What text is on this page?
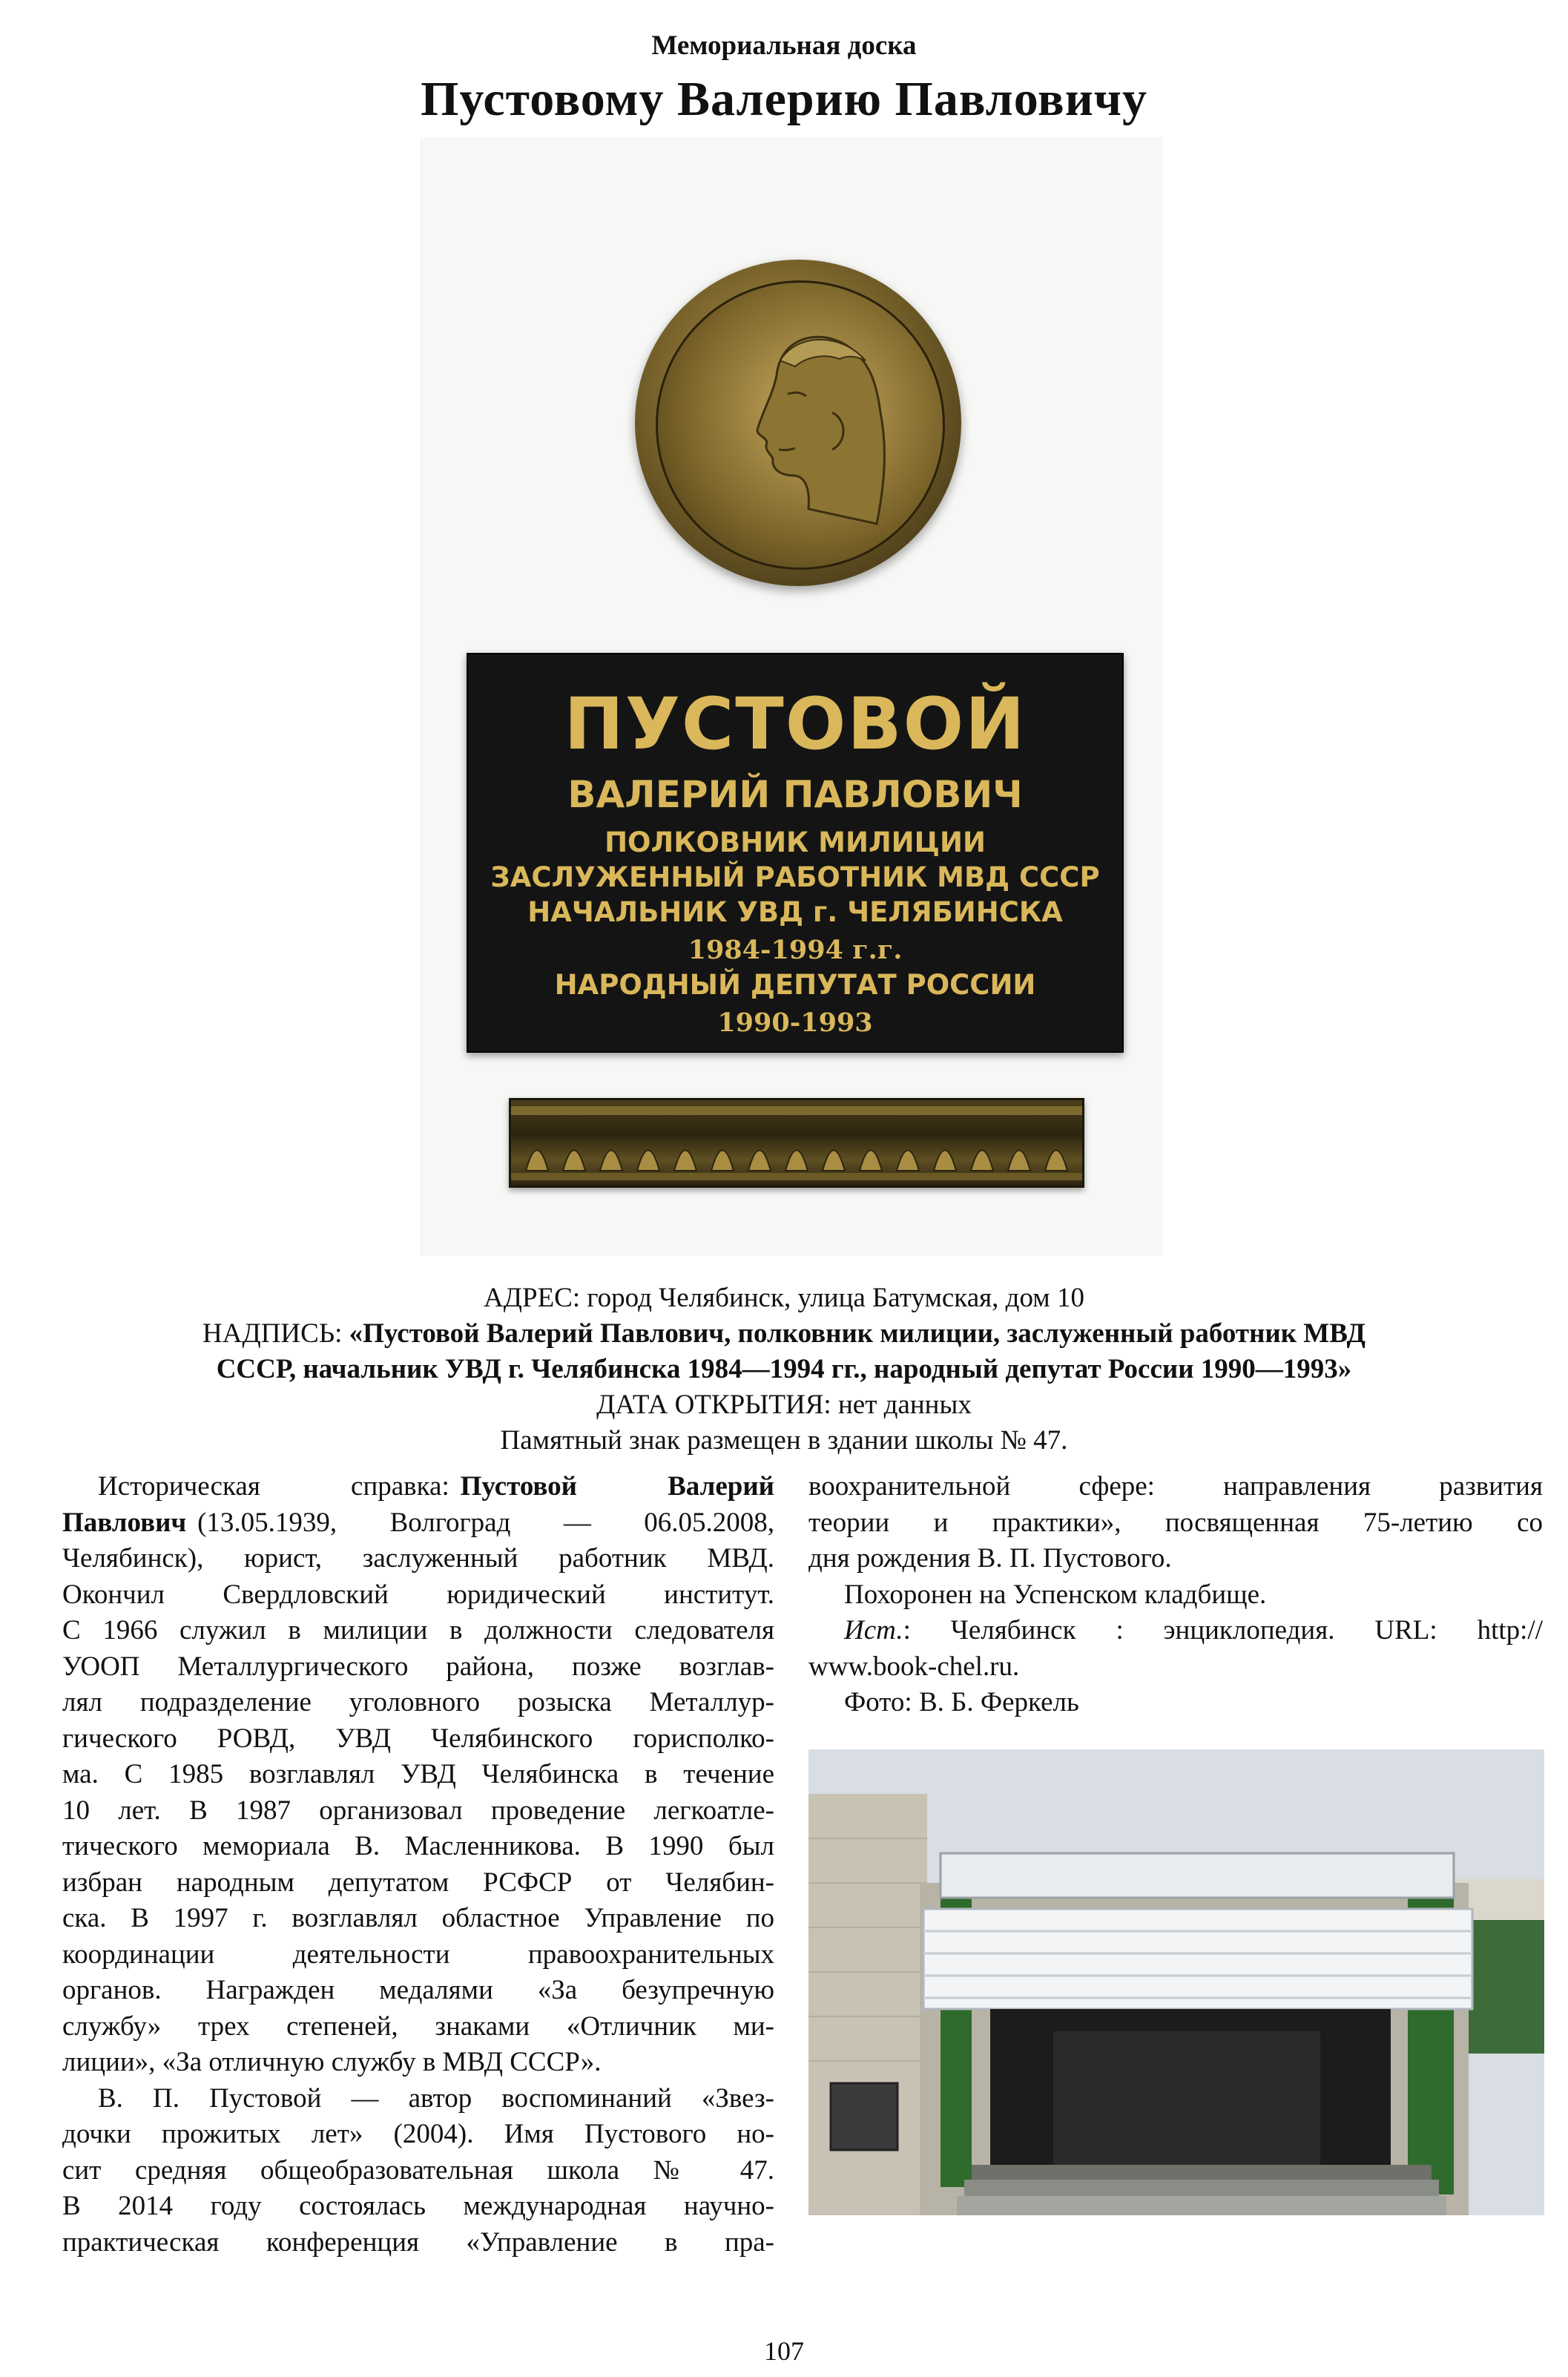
Мемориальная доска
Пустовому Валерию Павловичу
ПУСТОВОЙ
ВАЛЕРИЙ ПАВЛОВИЧ
ПОЛКОВНИК МИЛИЦИИ
ЗАСЛУЖЕННЫЙ РАБОТНИК МВД СССР
НАЧАЛЬНИК УВД г. ЧЕЛЯБИНСКА
1984-1994 г.г.
НАРОДНЫЙ ДЕПУТАТ РОССИИ
1990-1993
АДРЕС: город Челябинск, улица Батумская, дом 10
НАДПИСЬ: «Пустовой Валерий Павлович, полковник милиции, заслуженный работник МВД
СССР, начальник УВД г. Челябинска 1984—1994 гг., народный депутат России 1990—1993»
ДАТА ОТКРЫТИЯ: нет данных
Памятный знак размещен в здании школы № 47.
Историческая справка: Пустовой Валерий
Павлович (13.05.1939, Волгоград — 06.05.2008,
Челябинск), юрист, заслуженный работник МВД.
Окончил Свердловский юридический институт.
С 1966 служил в милиции в должности следователя
УООП Металлургического района, позже возглав-
лял подразделение уголовного розыска Металлур-
гического РОВД, УВД Челябинского горисполко-
ма. С 1985 возглавлял УВД Челябинска в течение
10 лет. В 1987 организовал проведение легкоатле-
тического мемориала В. Масленникова. В 1990 был
избран народным депутатом РСФСР от Челябин-
ска. В 1997 г. возглавлял областное Управление по
координации деятельности правоохранительных
органов. Награжден медалями «За безупречную
службу» трех степеней, знаками «Отличник ми-
лиции», «За отличную службу в МВД СССР».
В. П. Пустовой — автор воспоминаний «Звез-
дочки прожитых лет» (2004). Имя Пустового но-
сит средняя общеобразовательная школа № 47.
В 2014 году состоялась международная научно-
практическая конференция «Управление в пра-
воохранительной сфере: направления развития
теории и практики», посвященная 75-летию со
дня рождения В. П. Пустового.
Похоронен на Успенском кладбище.
Ист.: Челябинск : энциклопедия. URL: http://
www.book-chel.ru.
Фото: В. Б. Феркель
107
